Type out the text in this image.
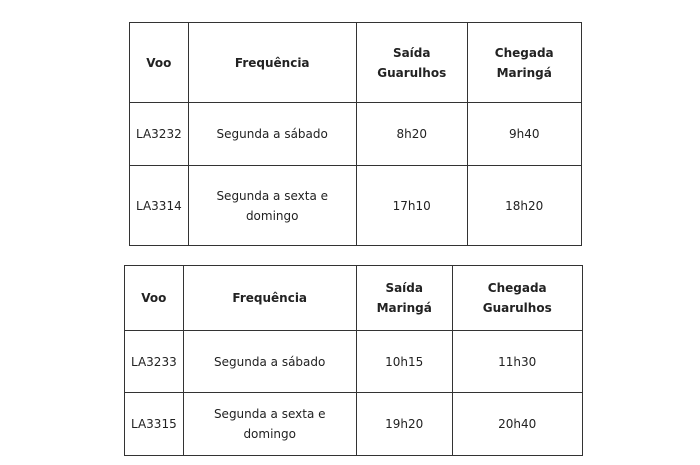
Voo	Frequência	Saída Guarulhos	Chegada Maringá
LA3232	Segunda a sábado	8h20	9h40
LA3314	Segunda a sexta e domingo	17h10	18h20
Voo	Frequência	Saída Maringá	Chegada Guarulhos
LA3233	Segunda a sábado	10h15	11h30
LA3315	Segunda a sexta e domingo	19h20	20h40
